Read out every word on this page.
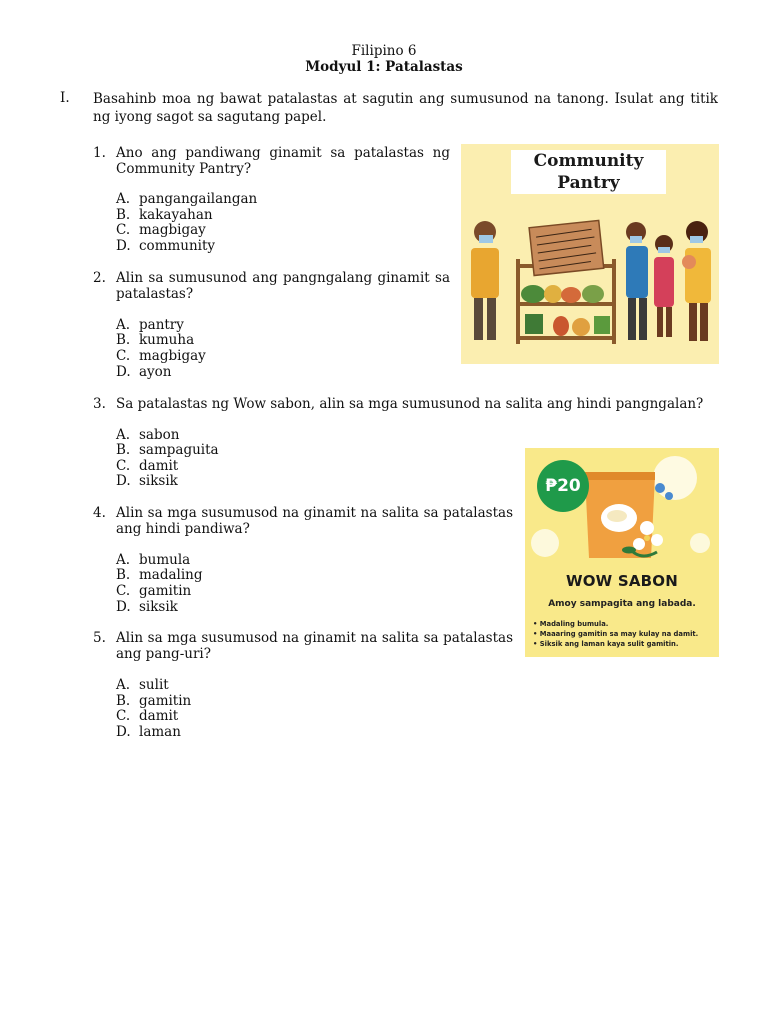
Filipino 6
Modyul 1: Patalastas
I. Basahinb moa ng bawat patalastas at sagutin ang sumusunod na tanong. Isulat ang titik ng iyong sagot sa sagutang papel.
1. Ano ang pandiwang ginamit sa patalastas ng Community Pantry?
A. pangangailangan
B. kakayahan
C. magbigay
D. community
2. Alin sa sumusunod ang pangngalang ginamit sa patalastas?
A. pantry
B. kumuha
C. magbigay
D. ayon
3. Sa patalastas ng Wow sabon, alin sa mga sumusunod na salita ang hindi pangngalan?
A. sabon
B. sampaguita
C. damit
D. siksik
4. Alin sa mga susumusod na ginamit na salita sa patalastas ang hindi pandiwa?
A. bumula
B. madaling
C. gamitin
D. siksik
5. Alin sa mga susumusod na ginamit na salita sa patalastas ang pang-uri?
A. sulit
B. gamitin
C. damit
D. laman
Community
Pantry
₱20
WOW SABON
Amoy sampagita ang labada.
• Madaling bumula.
• Maaaring gamitin sa may kulay na damit.
• Siksik ang laman kaya sulit gamitin.
